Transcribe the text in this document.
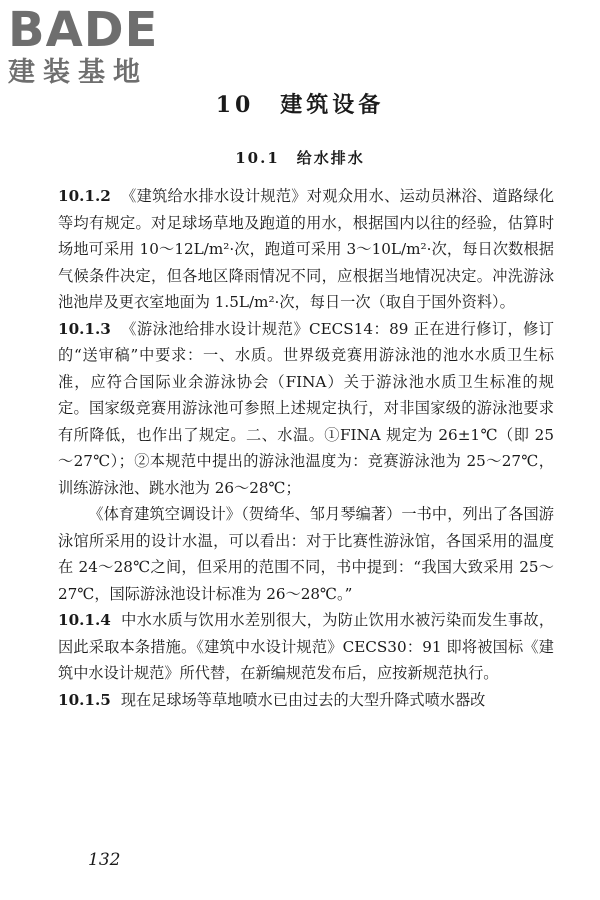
BADE
建装基地
10　建筑设备
10.1　给水排水

10.1.2 《建筑给水排水设计规范》对观众用水、运动员淋浴、道路绿化等均有规定。对足球场草地及跑道的用水，根据国内以往的经验，估算时场地可采用 10～12L/m²·次，跑道可采用 3～10L/m²·次，每日次数根据气候条件决定，但各地区降雨情况不同，应根据当地情况决定。冲洗游泳池池岸及更衣室地面为 1.5L/m²·次，每日一次（取自于国外资料）。

10.1.3 《游泳池给排水设计规范》CECS14：89 正在进行修订，修订的“送审稿”中要求：一、水质。世界级竞赛用游泳池的池水水质卫生标准，应符合国际业余游泳协会（FINA）关于游泳池水质卫生标准的规定。国家级竞赛用游泳池可参照上述规定执行，对非国家级的游泳池要求有所降低，也作出了规定。二、水温。①FINA 规定为 26±1℃（即 25～27℃）；②本规范中提出的游泳池温度为：竞赛游泳池为 25～27℃，训练游泳池、跳水池为 26～28℃；

《体育建筑空调设计》（贺绮华、邹月琴编著）一书中，列出了各国游泳馆所采用的设计水温，可以看出：对于比赛性游泳馆，各国采用的温度在 24～28℃之间，但采用的范围不同，书中提到：“我国大致采用 25～27℃，国际游泳池设计标准为 26～28℃。”

10.1.4 中水水质与饮用水差别很大，为防止饮用水被污染而发生事故，因此采取本条措施。《建筑中水设计规范》CECS30：91 即将被国标《建筑中水设计规范》所代替，在新编规范发布后，应按新规范执行。

10.1.5 现在足球场等草地喷水已由过去的大型升降式喷水器改

132
